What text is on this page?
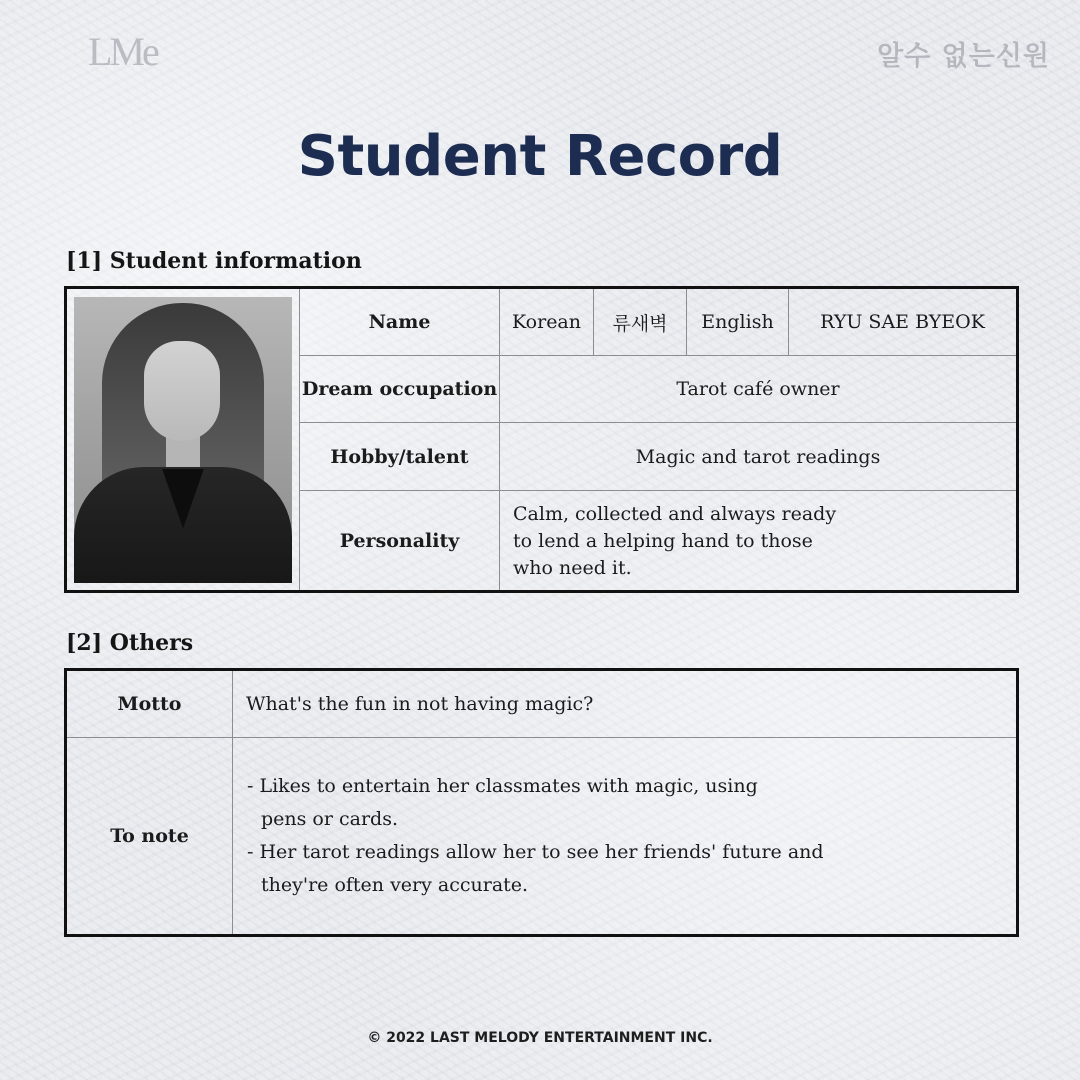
LMe	알수 없는신원
Student Record
[1] Student information
	Name	Korean	류새벽	English	RYU SAE BYEOK
	Dream occupation	Tarot café owner			
	Hobby/talent	Magic and tarot readings			
	Personality	Calm, collected and always ready
to lend a helping hand to those
who need it.			
[2] Others
Motto	What's the fun in not having magic?
To note	- Likes to entertain her classmates with magic, using
pens or cards.
- Her tarot readings allow her to see her friends' future and
they're often very accurate.
© 2022 LAST MELODY ENTERTAINMENT INC.
